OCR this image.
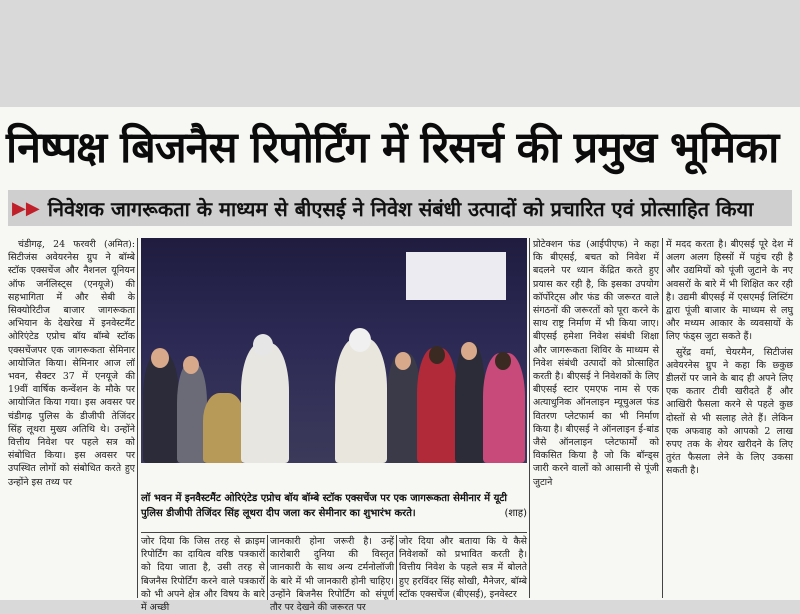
निष्पक्ष बिजनैस रिपोर्टिंग में रिसर्च की प्रमुख भूमिका
▶▶ निवेशक जागरूकता के माध्यम से बीएसई ने निवेश संबंधी उत्पादों को प्रचारित एवं प्रोत्साहित किया

चंडीगढ़, 24 फरवरी (अमित): सिटीजंस अवेयरनेस ग्रुप ने बॉम्बे स्टॉक एक्सचेंज और नैशनल यूनियन ऑफ जर्नलिस्ट्स (एनयूजे) की सहभागिता में और सेबी के सिक्योरिटीज बाजार जागरूकता अभियान के देखरेख में इनवेस्टमैंट ओरिएंटेड एप्रोच बॉय बॉम्बे स्टॉक एक्सचेंजपर एक जागरूकता सेमिनार आयोजित किया। सेमिनार आज लॉ भवन, सैक्टर 37 में एनयूजे की 19वीं वार्षिक कन्वेंशन के मौके पर आयोजित किया गया। इस अवसर पर चंडीगढ़ पुलिस के डीजीपी तेजिंदर सिंह लूथरा मुख्य अतिथि थे। उन्होंने वित्तीय निवेश पर पहले सत्र को संबोधित किया। इस अवसर पर उपस्थित लोगों को संबोधित करते हुए उन्होंने इस तथ्य पर

लॉ भवन में इनवैस्टमैंट ओरिएंटेड एप्रोच बॉय बॉम्बे स्टॉक एक्सचेंज पर एक जागरूकता सेमीनार में यूटी पुलिस डीजीपी तेजिंदर सिंह लूथरा दीप जला कर सेमीनार का शुभारंभ करते।	(शाह)

जोर दिया कि जिस तरह से क्राइम रिपोर्टिंग का दायित्व वरिष्ठ पत्रकारों को दिया जाता है, उसी तरह से बिजनैस रिपोर्टिंग करने वाले पत्रकारों को भी अपने क्षेत्र और विषय के बारे में अच्छी

जानकारी होना जरूरी है। उन्हें कारोबारी दुनिया की विस्तृत जानकारी के साथ अन्य टर्मनोलॉजी के बारे में भी जानकारी होनी चाहिए। उन्होंने बिजनैस रिपोर्टिंग को संपूर्ण तौर पर देखने की जरूरत पर

जोर दिया और बताया कि ये कैसे निवेशकों को प्रभावित करती है। वित्तीय निवेश के पहले सत्र में बोलते हुए हरविंदर सिंह सोखी, मैनेजर, बॉम्बे स्टॉक एक्सचेंज (बीएसई), इनवेस्टर

प्रोटेक्शन फंड (आईपीएफ) ने कहा कि बीएसई, बचत को निवेश में बदलने पर ध्यान केंद्रित करते हुए प्रयास कर रही है, कि इसका उपयोग कॉर्पोरेट्स और फंड की जरूरत वाले संगठनों की जरूरतों को पूरा करने के साथ राष्ट्र निर्माण में भी किया जाए। बीएसई हमेशा निवेश संबंधी शिक्षा और जागरूकता शिविर के माध्यम से निवेश संबंधी उत्पादों को प्रोत्साहित करती है। बीएसई ने निवेशकों के लिए बीएसई स्टार एमएफ नाम से एक अत्याधुनिक ऑनलाइन म्यूचुअल फंड वितरण प्लेटफार्म का भी निर्माण किया है। बीएसई ने ऑनलाइन ई-बांड जैसे ऑनलाइन प्लेटफार्मों को विकसित किया है जो कि बॉन्ड्स जारी करने वालों को आसानी से पूंजी जुटाने

में मदद करता है। बीएसई पूरे देश में अलग अलग हिस्सों में पहुंच रही है और उद्यमियों को पूंजी जुटाने के नए अवसरों के बारे में भी शिक्षित कर रही है। उद्यमी बीएसई में एसएमई लिस्टिंग द्वारा पूंजी बाजार के माध्यम से लघु और मध्यम आकार के व्यवसायों के लिए फंड्स जुटा सकते हैं।

सुरेंद्र वर्मा, चेयरमैन, सिटीजंस अवेयरनेस ग्रुप ने कहा कि छ्कुछ डीलरों पर जाने के बाद ही अपने लिए एक कतार टीवी खरीदते हैं और आखिरी फैसला करने से पहले कुछ दोस्तों से भी सलाह लेते हैं। लेकिन एक अफवाह को आपको 2 लाख रुपए तक के शेयर खरीदने के लिए तुरंत फैसला लेने के लिए उकसा सकती है।
